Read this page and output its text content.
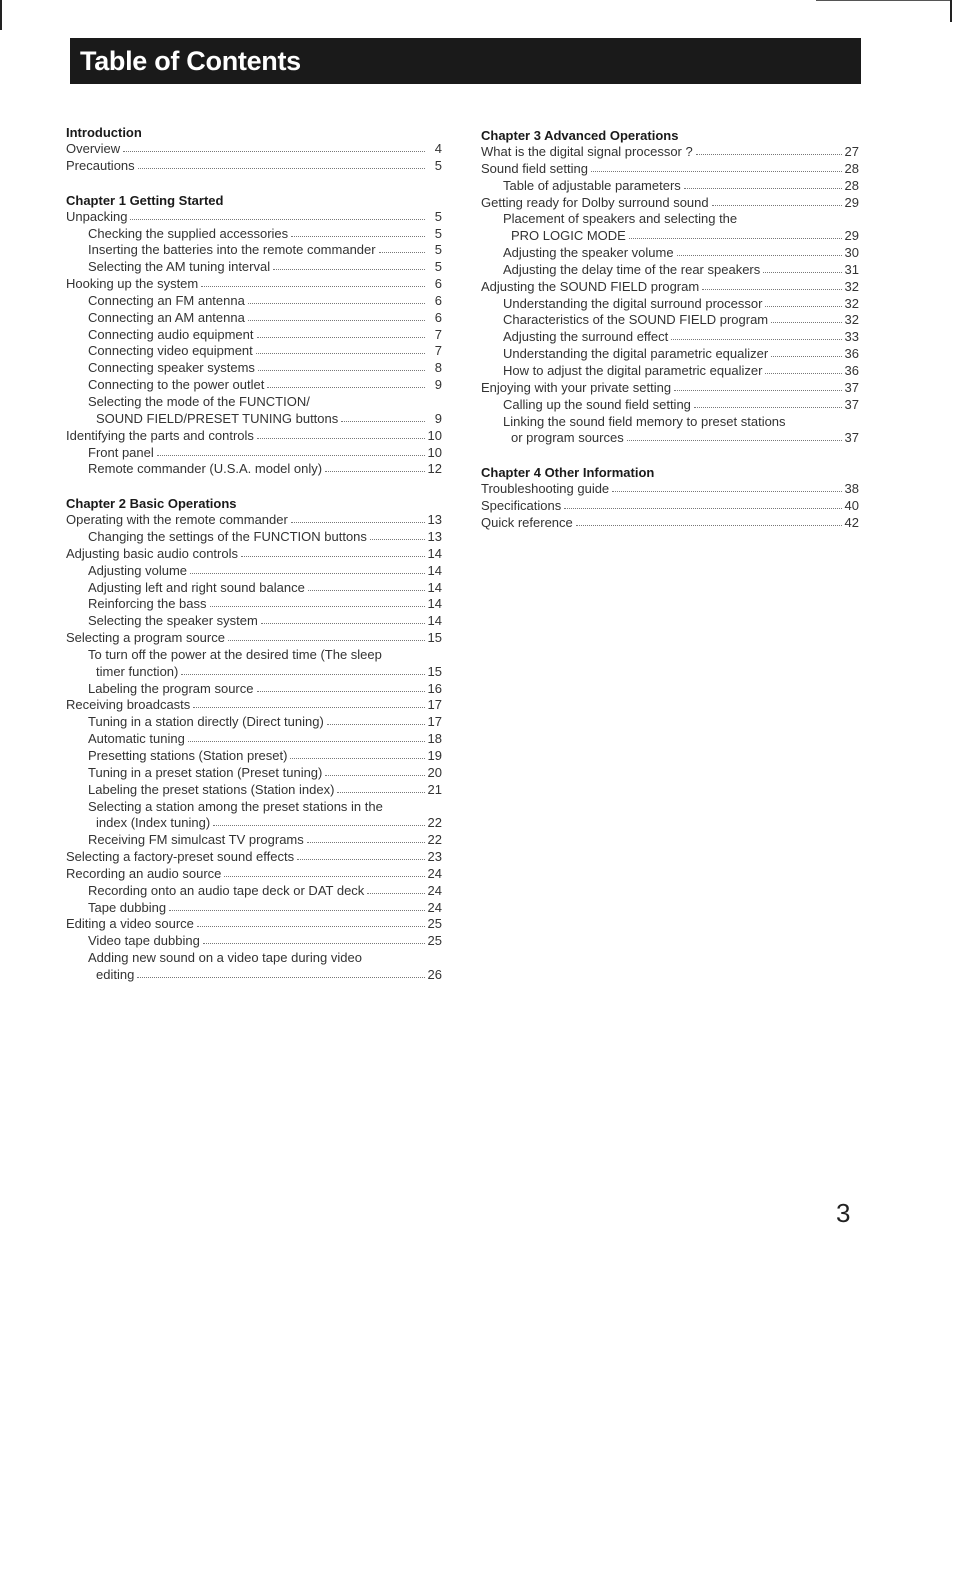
Table of Contents
Introduction
Overview	4
Precautions	5
Chapter 1 Getting Started
Unpacking	5
Checking the supplied accessories	5
Inserting the batteries into the remote commander	5
Selecting the AM tuning interval	5
Hooking up the system	6
Connecting an FM antenna	6
Connecting an AM antenna	6
Connecting audio equipment	7
Connecting video equipment	7
Connecting speaker systems	8
Connecting to the power outlet	9
Selecting the mode of the FUNCTION/
SOUND FIELD/PRESET TUNING buttons	9
Identifying the parts and controls	10
Front panel	10
Remote commander (U.S.A. model only)	12
Chapter 2 Basic Operations
Operating with the remote commander	13
Changing the settings of the FUNCTION buttons	13
Adjusting basic audio controls	14
Adjusting volume	14
Adjusting left and right sound balance	14
Reinforcing the bass	14
Selecting the speaker system	14
Selecting a program source	15
To turn off the power at the desired time (The sleep
timer function)	15
Labeling the program source	16
Receiving broadcasts	17
Tuning in a station directly (Direct tuning)	17
Automatic tuning	18
Presetting stations (Station preset)	19
Tuning in a preset station (Preset tuning)	20
Labeling the preset stations (Station index)	21
Selecting a station among the preset stations in the
index (Index tuning)	22
Receiving FM simulcast TV programs	22
Selecting a factory-preset sound effects	23
Recording an audio source	24
Recording onto an audio tape deck or DAT deck	24
Tape dubbing	24
Editing a video source	25
Video tape dubbing	25
Adding new sound on a video tape during video
editing	26
Chapter 3 Advanced Operations
What is the digital signal processor ?	27
Sound field setting	28
Table of adjustable parameters	28
Getting ready for Dolby surround sound	29
Placement of speakers and selecting the
PRO LOGIC MODE	29
Adjusting the speaker volume	30
Adjusting the delay time of the rear speakers	31
Adjusting the SOUND FIELD program	32
Understanding the digital surround processor	32
Characteristics of the SOUND FIELD program	32
Adjusting the surround effect	33
Understanding the digital parametric equalizer	36
How to adjust the digital parametric equalizer	36
Enjoying with your private setting	37
Calling up the sound field setting	37
Linking the sound field memory to preset stations
or program sources	37
Chapter 4 Other Information
Troubleshooting guide	38
Specifications	40
Quick reference	42
3
